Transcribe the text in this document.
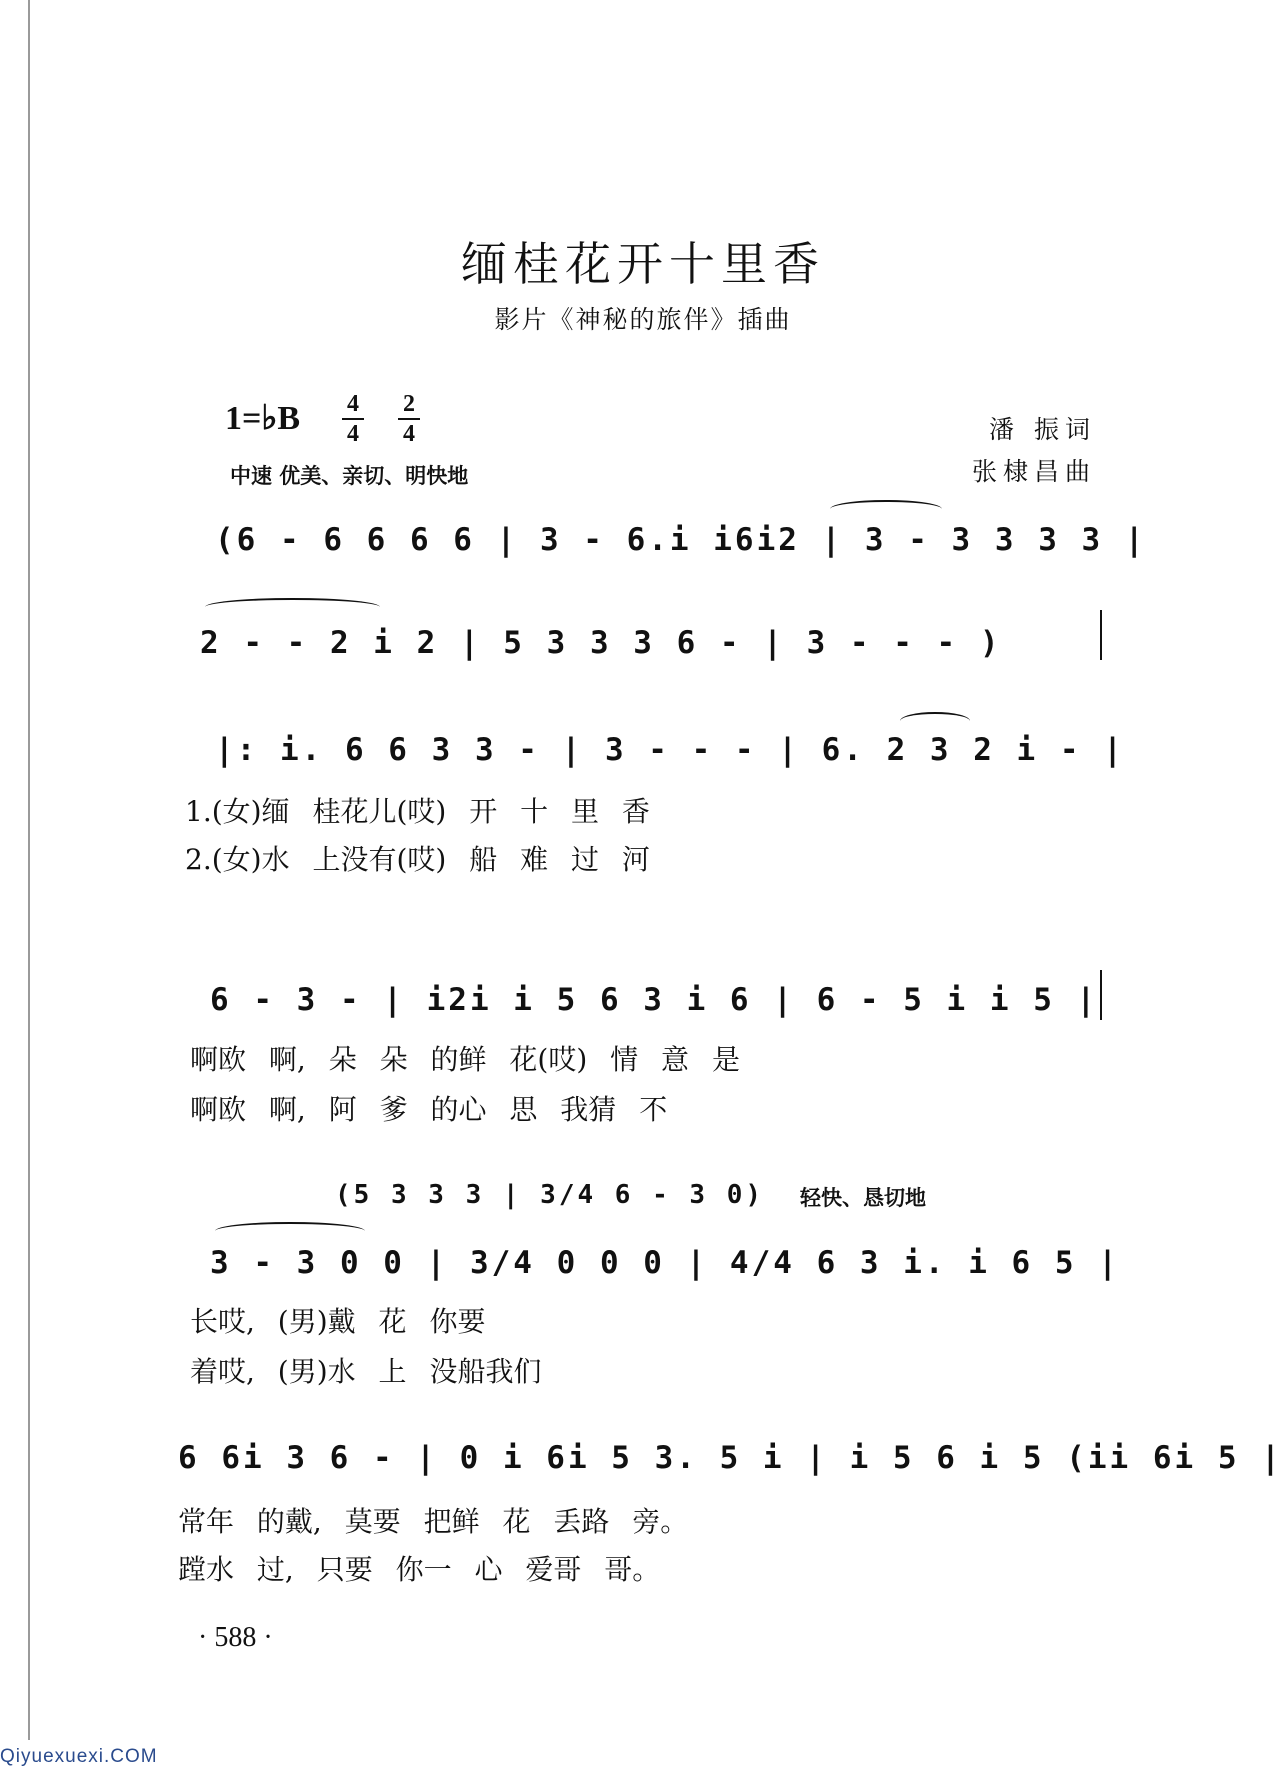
缅桂花开十里香
影片《神秘的旅伴》插曲
1=♭B 4
4
2
4
中速 优美、亲切、明快地
潘 振词
张棣昌曲
(6 - 6 6 6 6 | 3 - 6.i i6i2 | 3 - 3 3 3 3 |
2 - - 2 i 2 | 5 3 3 3 6 - | 3 - - - )
|: i. 6 6 3 3 - | 3 - - - | 6. 2 3 2 i - |
1.(女)缅 桂花儿(哎) 开 十 里 香
2.(女)水 上没有(哎) 船 难 过 河
6 - 3 - | i2i i 5 6 3 i 6 | 6 - 5 i i 5 |
啊欧 啊, 朵 朵 的鲜 花(哎) 情 意 是
啊欧 啊, 阿 爹 的心 思 我猜 不
(5 3 3 3 | 3/4 6 - 3 0) 轻快、恳切地
3 - 3 0 0 | 3/4 0 0 0 | 4/4 6 3 i. i 6 5 |
长哎, (男)戴 花 你要
着哎, (男)水 上 没船我们
6 6i 3 6 - | 0 i 6i 5 3. 5 i | i 5 6 i 5 (ii 6i 5 |
常年 的戴, 莫要 把鲜 花 丢路 旁。
蹚水 过, 只要 你一 心 爱哥 哥。
· 588 ·
Qiyuexuexi.COM
